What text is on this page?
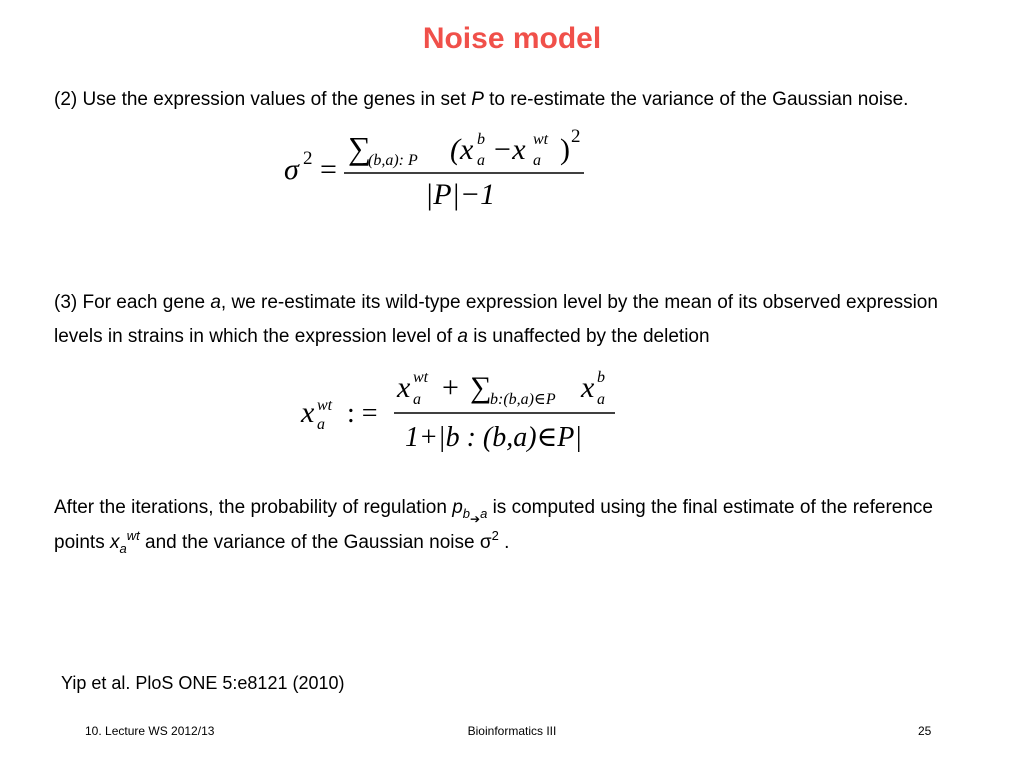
Noise model
(2) Use the expression values of the genes in set P to re-estimate the variance of the Gaussian noise.
σ 2 =
∑
(b,a): P (x b
a −x wt
a ) 2
|P|−1
(3) For each gene a, we re-estimate its wild-type expression level by the mean of its observed expression levels in strains in which the expression level of a is unaffected by the deletion
x wt
a : =
x wt
a + ∑
b:(b,a)∈P x b
a
1+|b : (b,a)∈P|
After the iterations, the probability of regulation $p_{b➔a}$ is computed using the final estimate of the reference points $x_a^{wt}$ and the variance of the Gaussian noise $\sigma^2$ .
Yip et al. PloS ONE 5:e8121 (2010)
10. Lecture WS 2012/13	Bioinformatics III	25
